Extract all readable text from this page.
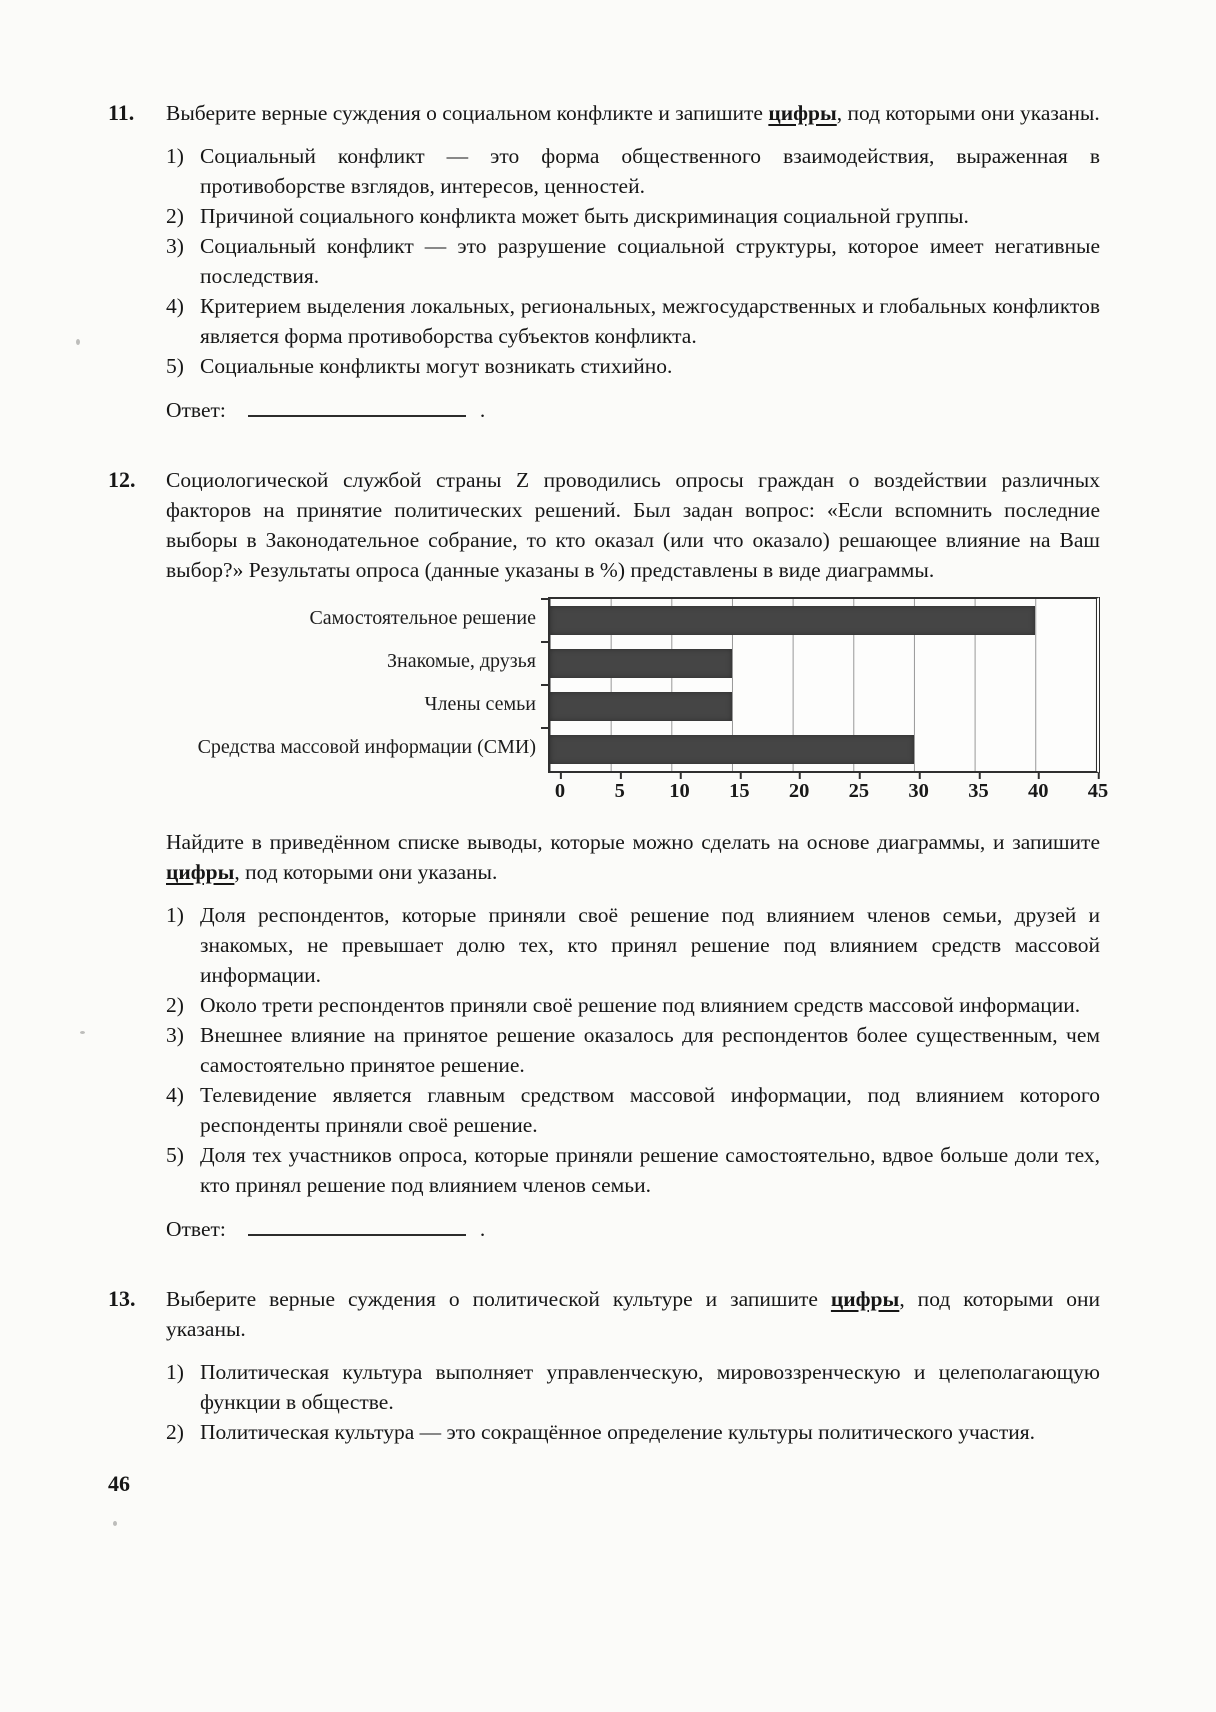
11.	Выберите верные суждения о социальном конфликте и запишите цифры, под которыми они указаны.

1) Социальный конфликт — это форма общественного взаимодействия, выраженная в противоборстве взглядов, интересов, ценностей.
2) Причиной социального конфликта может быть дискриминация социальной группы.
3) Социальный конфликт — это разрушение социальной структуры, которое имеет негативные последствия.
4) Критерием выделения локальных, региональных, межгосударственных и глобальных конфликтов является форма противоборства субъектов конфликта.
5) Социальные конфликты могут возникать стихийно.
Ответ:	.
12.	Социологической службой страны Z проводились опросы граждан о воздействии различных факторов на принятие политических решений. Был задан вопрос: «Если вспомнить последние выборы в Законодательное собрание, то кто оказал (или что оказало) решающее влияние на Ваш выбор?» Результаты опроса (данные указаны в %) представлены в виде диаграммы.

Самостоятельное решение
Знакомые, друзья
Члены семьи
Средства массовой информации (СМИ)
0 5 10 15 20 25 30 35 40 45

Найдите в приведённом списке выводы, которые можно сделать на основе диаграммы, и запишите цифры, под которыми они указаны.

1) Доля респондентов, которые приняли своё решение под влиянием членов семьи, друзей и знакомых, не превышает долю тех, кто принял решение под влиянием средств массовой информации.
2) Около трети респондентов приняли своё решение под влиянием средств массовой информации.
3) Внешнее влияние на принятое решение оказалось для респондентов более существенным, чем самостоятельно принятое решение.
4) Телевидение является главным средством массовой информации, под влиянием которого респонденты приняли своё решение.
5) Доля тех участников опроса, которые приняли решение самостоятельно, вдвое больше доли тех, кто принял решение под влиянием членов семьи.
Ответ:	.
13.	Выберите верные суждения о политической культуре и запишите цифры, под которыми они указаны.

1) Политическая культура выполняет управленческую, мировоззренческую и целеполагающую функции в обществе.
2) Политическая культура — это сокращённое определение культуры политического участия.
46
